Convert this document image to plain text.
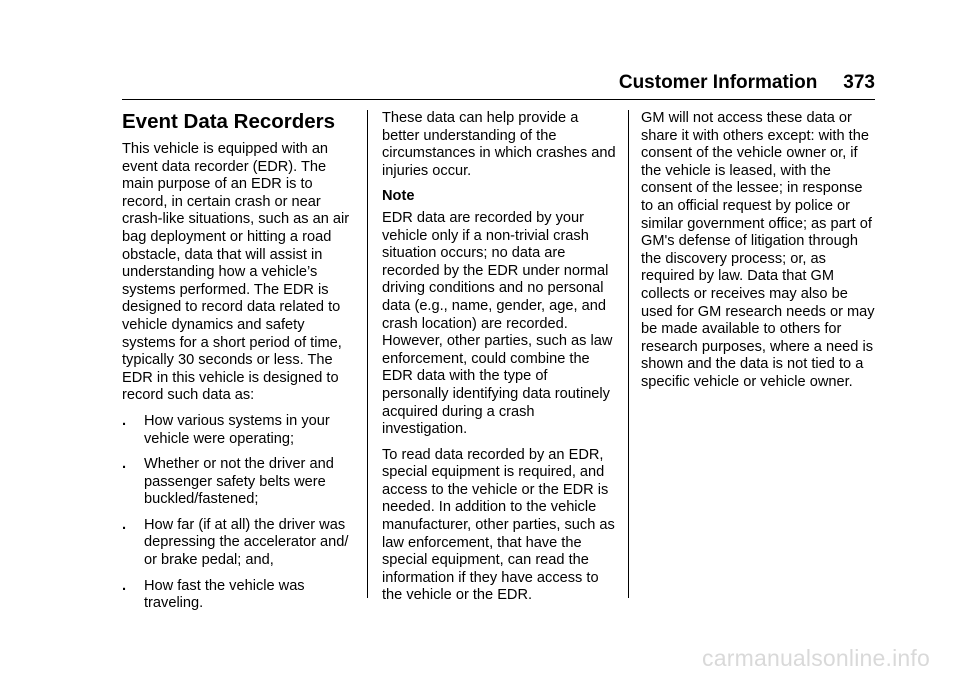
Customer Information 373
Event Data Recorders

This vehicle is equipped with an event data recorder (EDR). The main purpose of an EDR is to record, in certain crash or near crash-like situations, such as an air bag deployment or hitting a road obstacle, data that will assist in understanding how a vehicle’s systems performed. The EDR is designed to record data related to vehicle dynamics and safety systems for a short period of time, typically 30 seconds or less. The EDR in this vehicle is designed to record such data as:

. How various systems in your vehicle were operating;
. Whether or not the driver and passenger safety belts were buckled/fastened;
. How far (if at all) the driver was depressing the accelerator and/ or brake pedal; and,
. How fast the vehicle was traveling.

These data can help provide a better understanding of the circumstances in which crashes and injuries occur.

Note

EDR data are recorded by your vehicle only if a non-trivial crash situation occurs; no data are recorded by the EDR under normal driving conditions and no personal data (e.g., name, gender, age, and crash location) are recorded. However, other parties, such as law enforcement, could combine the EDR data with the type of personally identifying data routinely acquired during a crash investigation.

To read data recorded by an EDR, special equipment is required, and access to the vehicle or the EDR is needed. In addition to the vehicle manufacturer, other parties, such as law enforcement, that have the special equipment, can read the information if they have access to the vehicle or the EDR.

GM will not access these data or share it with others except: with the consent of the vehicle owner or, if the vehicle is leased, with the consent of the lessee; in response to an official request by police or similar government office; as part of GM's defense of litigation through the discovery process; or, as required by law. Data that GM collects or receives may also be used for GM research needs or may be made available to others for research purposes, where a need is shown and the data is not tied to a specific vehicle or vehicle owner.

carmanualsonline.info
